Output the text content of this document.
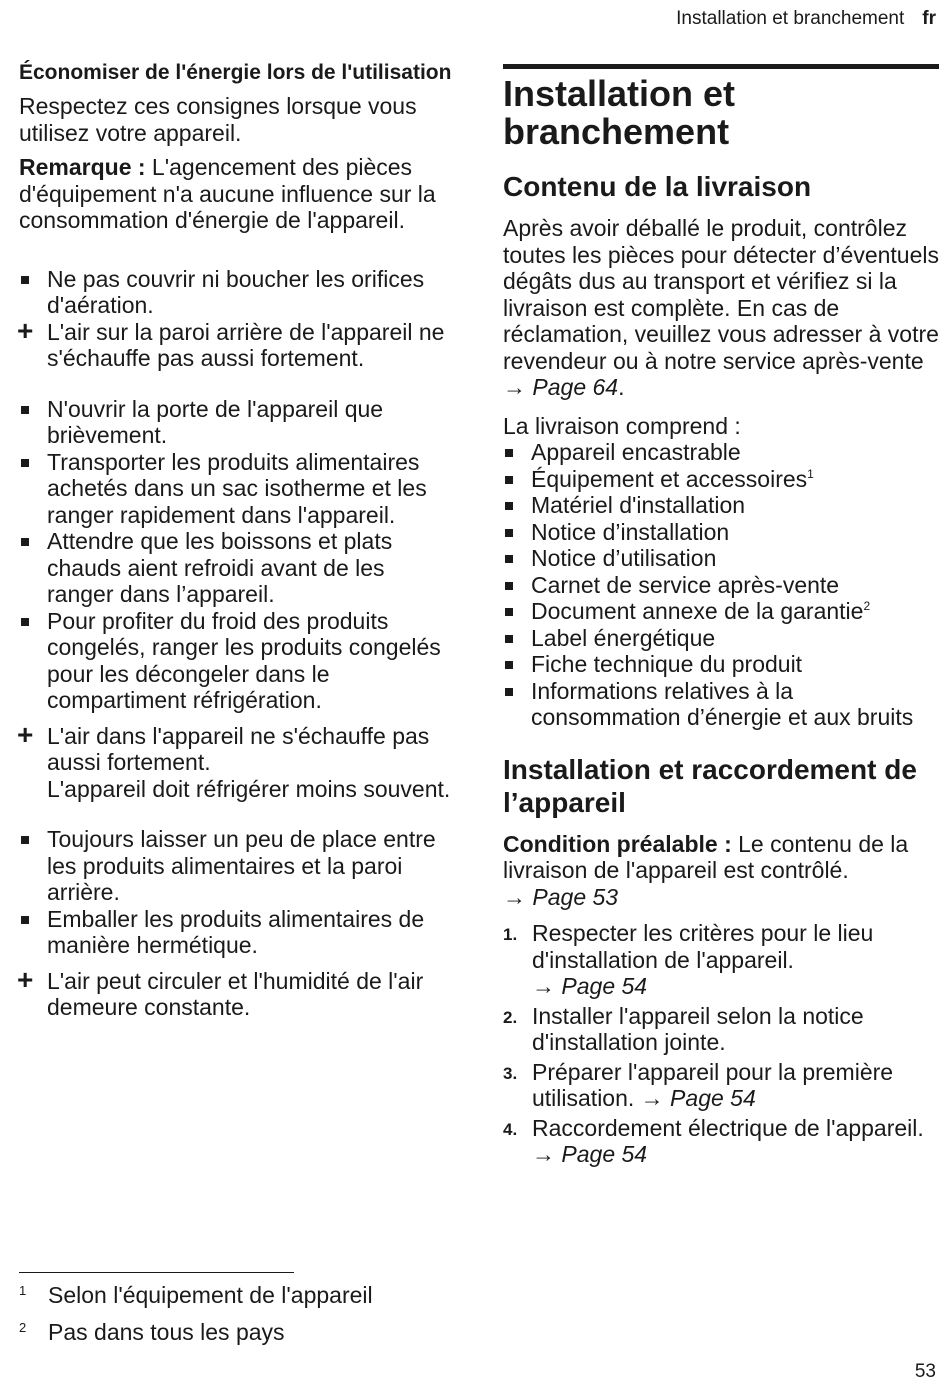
Installation et branchement fr
Économiser de l'énergie lors de l'utilisation

Respectez ces consignes lorsque vous utilisez votre appareil.

Remarque : L'agencement des pièces d'équipement n'a aucune influence sur la consommation d'énergie de l'appareil.

Ne pas couvrir ni boucher les orifices d'aération.
+ L'air sur la paroi arrière de l'appareil ne s'échauffe pas aussi fortement.
N'ouvrir la porte de l'appareil que brièvement.
Transporter les produits alimentaires achetés dans un sac isotherme et les ranger rapidement dans l'appareil.
Attendre que les boissons et plats chauds aient refroidi avant de les ranger dans l’appareil.
Pour profiter du froid des produits congelés, ranger les produits congelés pour les décongeler dans le compartiment réfrigération.
+ L'air dans l'appareil ne s'échauffe pas aussi fortement.
L'appareil doit réfrigérer moins souvent.
Toujours laisser un peu de place entre les produits alimentaires et la paroi arrière.
Emballer les produits alimentaires de manière hermétique.
+ L'air peut circuler et l'humidité de l'air demeure constante.
Installation et branchement
Contenu de la livraison

Après avoir déballé le produit, contrôlez toutes les pièces pour détecter d’éventuels dégâts dus au transport et vérifiez si la livraison est complète. En cas de réclamation, veuillez vous adresser à votre revendeur ou à notre service après-vente
→ Page 64.

La livraison comprend :
Appareil encastrable
Équipement et accessoires$^1$
Matériel d'installation
Notice d’installation
Notice d’utilisation
Carnet de service après-vente
Document annexe de la garantie$^2$
Label énergétique
Fiche technique du produit
Informations relatives à la consommation d’énergie et aux bruits
Installation et raccordement de l’appareil

Condition préalable : Le contenu de la livraison de l'appareil est contrôlé.
→ Page 53

1. Respecter les critères pour le lieu d'installation de l'appareil.
→ Page 54
2. Installer l'appareil selon la notice d'installation jointe.
3. Préparer l'appareil pour la première utilisation. → Page 54
4. Raccordement électrique de l'appareil. → Page 54
1 Selon l'équipement de l'appareil
2 Pas dans tous les pays
53
